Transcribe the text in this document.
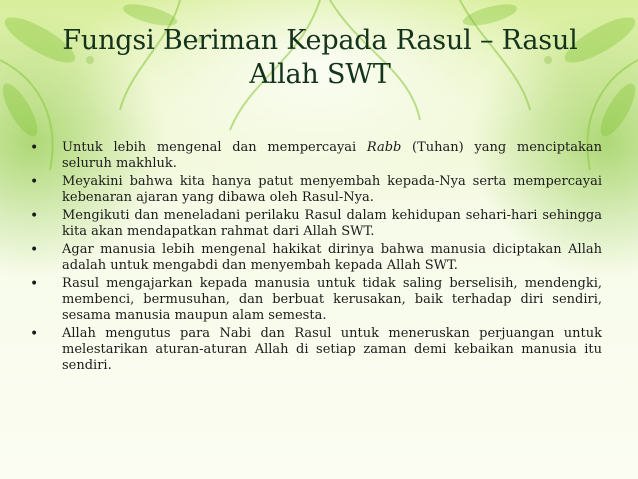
Fungsi Beriman Kepada Rasul – Rasul Allah SWT
• Untuk lebih mengenal dan mempercayai Rabb (Tuhan) yang menciptakan seluruh makhluk.
• Meyakini bahwa kita hanya patut menyembah kepada-Nya serta mempercayai kebenaran ajaran yang dibawa oleh Rasul-Nya.
• Mengikuti dan meneladani perilaku Rasul dalam kehidupan sehari-hari sehingga kita akan mendapatkan rahmat dari Allah SWT.
• Agar manusia lebih mengenal hakikat dirinya bahwa manusia diciptakan Allah adalah untuk mengabdi dan menyembah kepada Allah SWT.
• Rasul mengajarkan kepada manusia untuk tidak saling berselisih, mendengki, membenci, bermusuhan, dan berbuat kerusakan, baik terhadap diri sendiri, sesama manusia maupun alam semesta.
• Allah mengutus para Nabi dan Rasul untuk meneruskan perjuangan untuk melestarikan aturan-aturan Allah di setiap zaman demi kebaikan manusia itu sendiri.
